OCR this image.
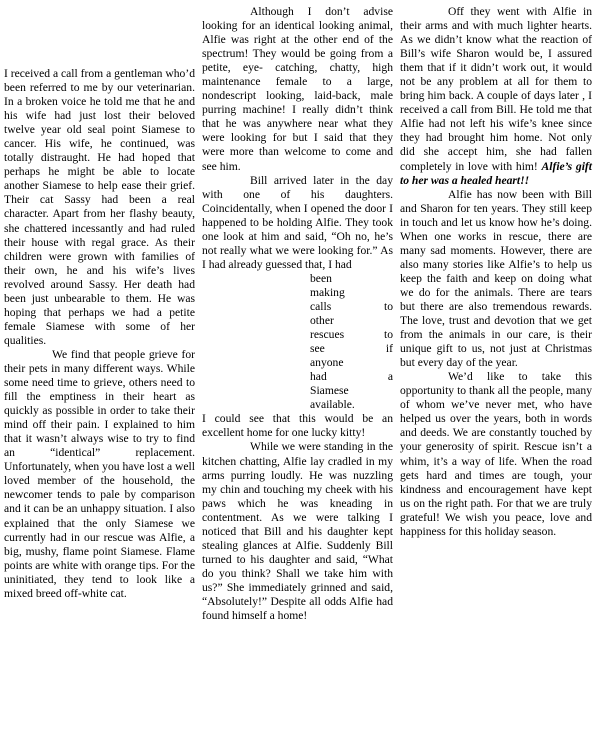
I received a call from a gentleman who’d been referred to me by our veterinarian. In a broken voice he told me that he and his wife had just lost their beloved twelve year old seal point Siamese to cancer. His wife, he continued, was totally distraught. He had hoped that perhaps he might be able to locate another Siamese to help ease their grief. Their cat Sassy had been a real character. Apart from her flashy beauty, she chattered incessantly and had ruled their house with regal grace. As their children were grown with families of their own, he and his wife’s lives revolved around Sassy. Her death had been just unbearable to them. He was hoping that perhaps we had a petite female Siamese with some of her qualities.

We find that people grieve for their pets in many different ways. While some need time to grieve, others need to fill the emptiness in their heart as quickly as possible in order to take their mind off their pain. I explained to him that it wasn’t always wise to try to find an “identical” replacement. Unfortunately, when you have lost a well loved member of the household, the newcomer tends to pale by comparison and it can be an unhappy situation. I also explained that the only Siamese we currently had in our rescue was Alfie, a big, mushy, flame point Siamese. Flame points are white with orange tips. For the uninitiated, they tend to look like a mixed breed off-white cat.

Although I don’t advise looking for an identical looking animal, Alfie was right at the other end of the spectrum! They would be going from a petite, eye- catching, chatty, high maintenance female to a large, nondescript looking, laid-back, male purring machine! I really didn’t think that he was anywhere near what they were looking for but I said that they were more than welcome to come and see him.

Bill arrived later in the day with one of his daughters. Coincidentally, when I opened the door I happened to be holding Alfie. They took one look at him and said, “Oh no, he’s not really what we were looking for.” As I had already guessed that, I had

been
making
calls to
other
rescues to
see if
anyone
had a
Siamese
available.

I could see that this would be an excellent home for one lucky kitty!

While we were standing in the kitchen chatting, Alfie lay cradled in my arms purring loudly. He was nuzzling my chin and touching my cheek with his paws which he was kneading in contentment. As we were talking I noticed that Bill and his daughter kept stealing glances at Alfie. Suddenly Bill turned to his daughter and said, “What do you think? Shall we take him with us?” She immediately grinned and said, “Absolutely!” Despite all odds Alfie had found himself a home!

Off they went with Alfie in their arms and with much lighter hearts. As we didn’t know what the reaction of Bill’s wife Sharon would be, I assured them that if it didn’t work out, it would not be any problem at all for them to bring him back. A couple of days later , I received a call from Bill. He told me that Alfie had not left his wife’s knee since they had brought him home. Not only did she accept him, she had fallen completely in love with him! Alfie’s gift to her was a healed heart!!

Alfie has now been with Bill and Sharon for ten years. They still keep in touch and let us know how he’s doing. When one works in rescue, there are many sad moments. However, there are also many stories like Alfie’s to help us keep the faith and keep on doing what we do for the animals. There are tears but there are also tremendous rewards. The love, trust and devotion that we get from the animals in our care, is their unique gift to us, not just at Christmas but every day of the year.

We’d like to take this opportunity to thank all the people, many of whom we’ve never met, who have helped us over the years, both in words and deeds. We are constantly touched by your generosity of spirit. Rescue isn’t a whim, it’s a way of life. When the road gets hard and times are tough, your kindness and encouragement have kept us on the right path. For that we are truly grateful! We wish you peace, love and happiness for this holiday season.
